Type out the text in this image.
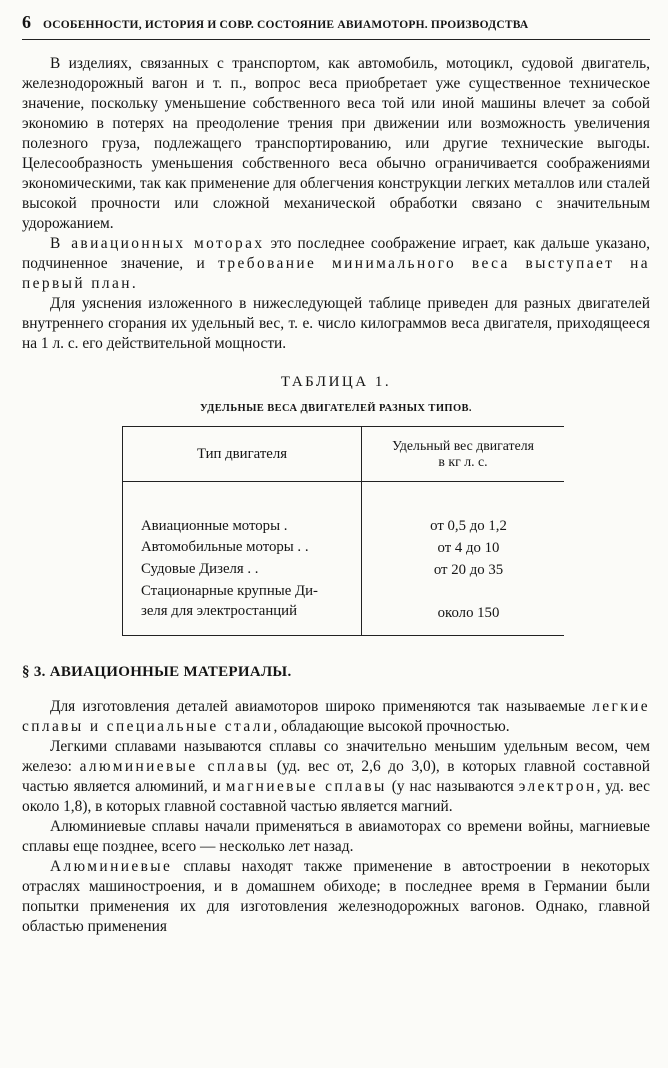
6 ОСОБЕННОСТИ, ИСТОРИЯ И СОВР. СОСТОЯНИЕ АВИАМОТОРН. ПРОИЗВОДСТВА

В изделиях, связанных с транспортом, как автомобиль, мотоцикл, судовой двигатель, железнодорожный вагон и т. п., вопрос веса приобретает уже существенное техническое значение, поскольку уменьшение собственного веса той или иной машины влечет за собой экономию в потерях на преодоление трения при движении или возможность увеличения полезного груза, подлежащего транспортированию, или другие технические выгоды. Целесообразность уменьшения собственного веса обычно ограничивается соображениями экономическими, так как применение для облегчения конструкции легких металлов или сталей высокой прочности или сложной механической обработки связано с значительным удорожанием.

В авиационных моторах это последнее соображение играет, как дальше указано, подчиненное значение, и требование минимального веса выступает на первый план.

Для уяснения изложенного в нижеследующей таблице приведен для разных двигателей внутреннего сгорания их удельный вес, т. е. число килограммов веса двигателя, приходящееся на 1 л. с. его действительной мощности.

ТАБЛИЦА 1.
УДЕЛЬНЫЕ ВЕСА ДВИГАТЕЛЕЙ РАЗНЫХ ТИПОВ.
Тип двигателя	Удельный вес двигателя
в кг л. с.

Авиационные моторы .	от 0,5 до 1,2
Автомобильные моторы . .	от 4 до 10
Судовые Дизеля . .	от 20 до 35

Стационарные крупные Ди-
зеля для электростанций	около 150
§ 3. АВИАЦИОННЫЕ МАТЕРИАЛЫ.

Для изготовления деталей авиамоторов широко применяются так называемые легкие сплавы и специальные стали, обладающие высокой прочностью.

Легкими сплавами называются сплавы со значительно меньшим удельным весом, чем железо: алюминиевые сплавы (уд. вес от, 2,6 до 3,0), в которых главной составной частью является алюминий, и магниевые сплавы (у нас называются электрон, уд. вес около 1,8), в которых главной составной частью является магний.

Алюминиевые сплавы начали применяться в авиамоторах со времени войны, магниевые сплавы еще позднее, всего — несколько лет назад.

Алюминиевые сплавы находят также применение в автостроении в некоторых отраслях машиностроения, и в домашнем обиходе; в последнее время в Германии были попытки применения их для изготовления железнодорожных вагонов. Однако, главной областью применения
